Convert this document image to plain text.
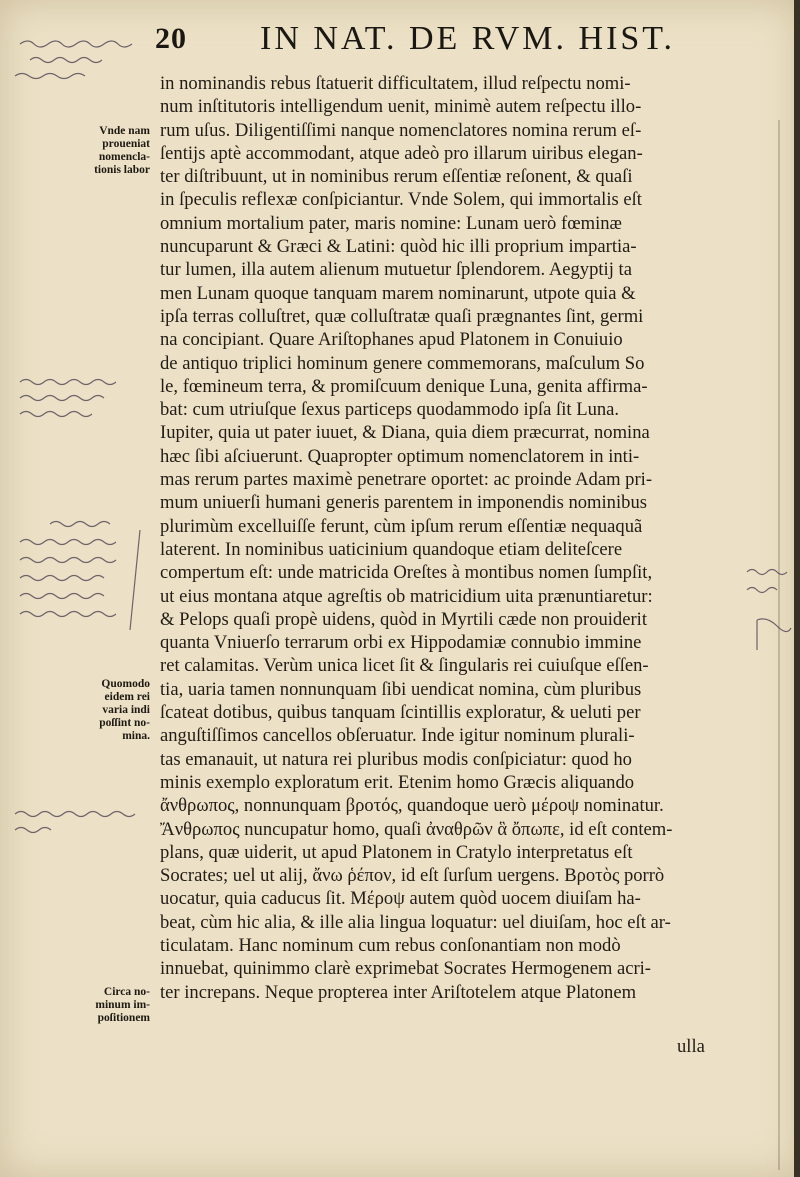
20 IN NAT. DE RVM. HIST.
Vnde nam
proueniat
nomencla-
tionis labor
Quomodo
eidem rei
varia indi
poſſint no-
mina.
Circa no-
minum im-
poſitionem
in nominandis rebus ſtatuerit difficultatem, illud reſpectu nomi-
num inſtitutoris intelligendum uenit, minimè autem reſpectu illo-
rum uſus. Diligentiſſimi nanque nomenclatores nomina rerum eſ-
ſentijs aptè accommodant, atque adeò pro illarum uiribus elegan-
ter diſtribuunt, ut in nominibus rerum eſſentiæ reſonent, & quaſi
in ſpeculis reflexæ conſpiciantur. Vnde Solem, qui immortalis eſt
omnium mortalium pater, maris nomine: Lunam uerò fœminæ
nuncuparunt & Græci & Latini: quòd hic illi proprium impartia-
tur lumen, illa autem alienum mutuetur ſplendorem. Aegyptij ta
men Lunam quoque tanquam marem nominarunt, utpote quia &
ipſa terras colluſtret, quæ colluſtratæ quaſi prægnantes ſint, germi
na concipiant. Quare Ariſtophanes apud Platonem in Conuiuio
de antiquo triplici hominum genere commemorans, maſculum So
le, fœmineum terra, & promiſcuum denique Luna, genita affirma-
bat: cum utriuſque ſexus particeps quodammodo ipſa ſit Luna.
Iupiter, quia ut pater iuuet, & Diana, quia diem præcurrat, nomina
hæc ſibi aſciuerunt. Quapropter optimum nomenclatorem in inti-
mas rerum partes maximè penetrare oportet: ac proinde Adam pri-
mum uniuerſi humani generis parentem in imponendis nominibus
plurimùm excelluiſſe ferunt, cùm ipſum rerum eſſentiæ nequaquã
laterent. In nominibus uaticinium quandoque etiam deliteſcere
compertum eſt: unde matricida Oreſtes à montibus nomen ſumpſit,
ut eius montana atque agreſtis ob matricidium uita prænuntiaretur:
& Pelops quaſi propè uidens, quòd in Myrtili cæde non prouiderit
quanta Vniuerſo terrarum orbi ex Hippodamiæ connubio immine
ret calamitas. Verùm unica licet ſit & ſingularis rei cuiuſque eſſen-
tia, uaria tamen nonnunquam ſibi uendicat nomina, cùm pluribus
ſcateat dotibus, quibus tanquam ſcintillis exploratur, & ueluti per
anguſtiſſimos cancellos obſeruatur. Inde igitur nominum plurali-
tas emanauit, ut natura rei pluribus modis conſpiciatur: quod ho
minis exemplo exploratum erit. Etenim homo Græcis aliquando
ἄνθρωπος, nonnunquam βροτός, quandoque uerò μέροψ nominatur.
Ἄνθρωπος nuncupatur homo, quaſi ἀναθρῶν ἃ ὄπωπε, id eſt contem-
plans, quæ uiderit, ut apud Platonem in Cratylo interpretatus eſt
Socrates; uel ut alij, ἄνω ῥέπον, id eſt ſurſum uergens. Βροτὸς porrò
uocatur, quia caducus ſit. Μέροψ autem quòd uocem diuiſam ha-
beat, cùm hic alia, & ille alia lingua loquatur: uel diuiſam, hoc eſt ar-
ticulatam. Hanc nominum cum rebus conſonantiam non modò
innuebat, quinimmo clarè exprimebat Socrates Hermogenem acri-
ter increpans. Neque propterea inter Ariſtotelem atque Platonem
ulla
